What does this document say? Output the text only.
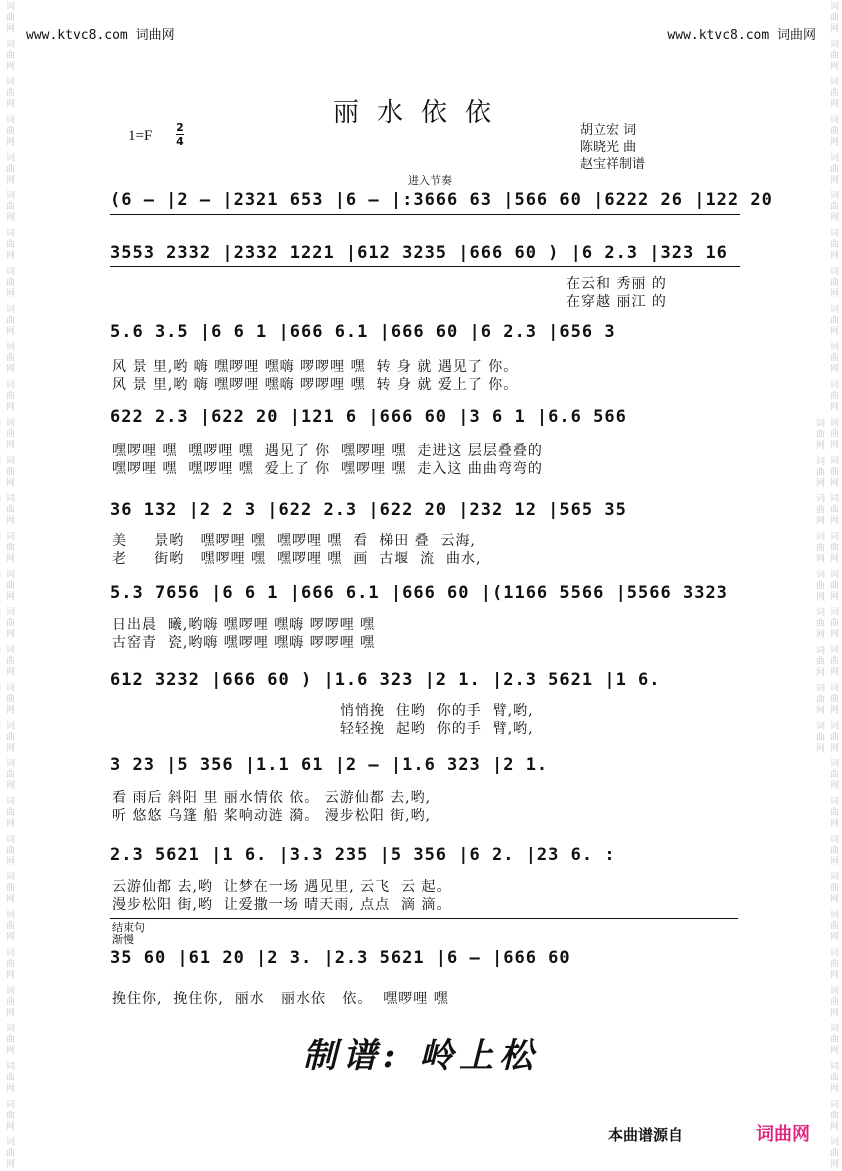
词曲网 词曲网 词曲网 词曲网 词曲网 词曲网 词曲网 词曲网 词曲网 词曲网 词曲网 词曲网 词曲网 词曲网 词曲网 词曲网 词曲网 词曲网 词曲网 词曲网 词曲网 词曲网 词曲网 词曲网 词曲网 词曲网 词曲网 词曲网 词曲网 词曲网 词曲网	词曲网 词曲网 词曲网 词曲网 词曲网 词曲网 词曲网 词曲网 词曲网 词曲网 词曲网 词曲网 词曲网 词曲网 词曲网 词曲网 词曲网 词曲网 词曲网 词曲网 词曲网 词曲网 词曲网 词曲网 词曲网 词曲网 词曲网 词曲网 词曲网 词曲网 词曲网 词曲网 词曲网 词曲网 词曲网 词曲网 词曲网 词曲网 词曲网 词曲网
www.ktvc8.com 词曲网	www.ktvc8.com 词曲网
丽水依依
1=F
2
4
胡立宏 词
陈晓光 曲
赵宝祥制谱
进入节奏
(6 – |2 – |2321 653 |6 – |:3666 63 |566 60 |6222 26 |122 20
3553 2332 |2332 1221 |612 3235 |666 60 ) |6 2.3 |323 16
在云和 秀丽 的
在穿越 丽江 的
5.6 3.5 |6 6 1 |666 6.1 |666 60 |6 2.3 |656 3
风 景 里,哟 嗨 嘿啰哩 嘿嗨 啰啰哩 嘿  转 身 就 遇见了 你。
风 景 里,哟 嗨 嘿啰哩 嘿嗨 啰啰哩 嘿  转 身 就 爱上了 你。
622 2.3 |622 20 |121 6 |666 60 |3 6 1 |6.6 566
嘿啰哩 嘿  嘿啰哩 嘿  遇见了 你  嘿啰哩 嘿  走进这 层层叠叠的
嘿啰哩 嘿  嘿啰哩 嘿  爱上了 你  嘿啰哩 嘿  走入这 曲曲弯弯的
36 132 |2 2 3 |622 2.3 |622 20 |232 12 |565 35
美     景哟   嘿啰哩 嘿  嘿啰哩 嘿  看  梯田 叠  云海,
老     街哟   嘿啰哩 嘿  嘿啰哩 嘿  画  古堰  流  曲水,
5.3 7656 |6 6 1 |666 6.1 |666 60 |(1166 5566 |5566 3323
日出晨  曦,哟嗨 嘿啰哩 嘿嗨 啰啰哩 嘿
古窑青  瓷,哟嗨 嘿啰哩 嘿嗨 啰啰哩 嘿
612 3232 |666 60 ) |1.6 323 |2 1. |2.3 5621 |1 6.
悄悄挽  住哟  你的手  臂,哟,
轻轻挽  起哟  你的手  臂,哟,
3 23 |5 356 |1.1 61 |2 – |1.6 323 |2 1.
看 雨后 斜阳 里 丽水情依 依。 云游仙都 去,哟,
听 悠悠 乌篷 船 桨响动涟 漪。 漫步松阳 街,哟,
2.3 5621 |1 6. |3.3 235 |5 356 |6 2. |23 6. :
云游仙都 去,哟  让梦在一场 遇见里, 云飞  云 起。
漫步松阳 街,哟  让爱撒一场 晴天雨, 点点  滴 滴。
结束句
渐慢
35 60 |61 20 |2 3. |2.3 5621 |6 – |666 60
挽住你,  挽住你,  丽水   丽水依   依。  嘿啰哩 嘿
制谱: 岭上松
本曲谱源自	词曲网
